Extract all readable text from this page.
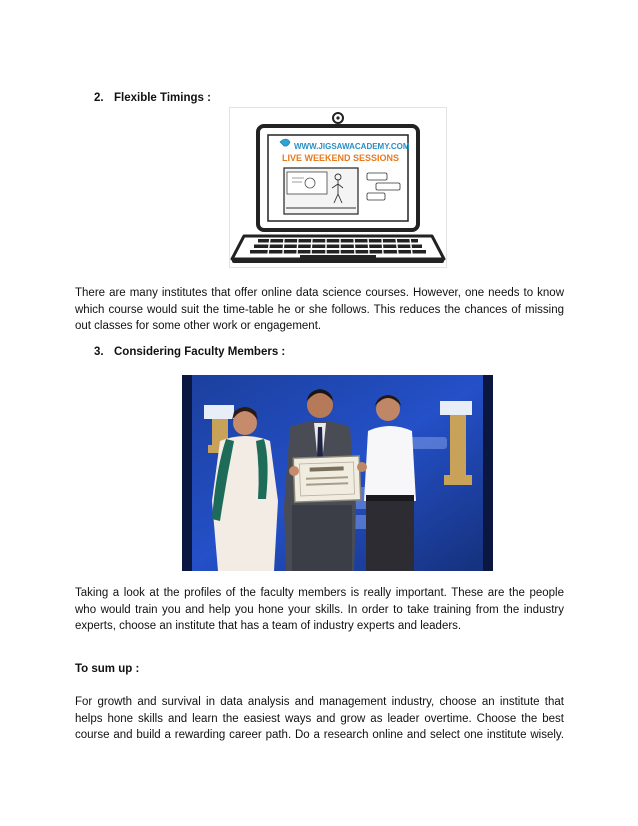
2. Flexible Timings :
WWW.JIGSAWACADEMY.COM
LIVE WEEKEND SESSIONS

There are many institutes that offer online data science courses. However, one needs to know
which course would suit the time-table he or she follows. This reduces the chances of missing
out classes for some other work or engagement.

3. Considering Faculty Members :

Taking a look at the profiles of the faculty members is really important. These are the people
who would train you and help you hone your skills. In order to take training from the industry
experts, choose an institute that has a team of industry experts and leaders.

To sum up :

For growth and survival in data analysis and management industry, choose an institute that
helps hone skills and learn the easiest ways and grow as leader overtime. Choose the best
course and build a rewarding career path. Do a research online and select one institute wisely.
